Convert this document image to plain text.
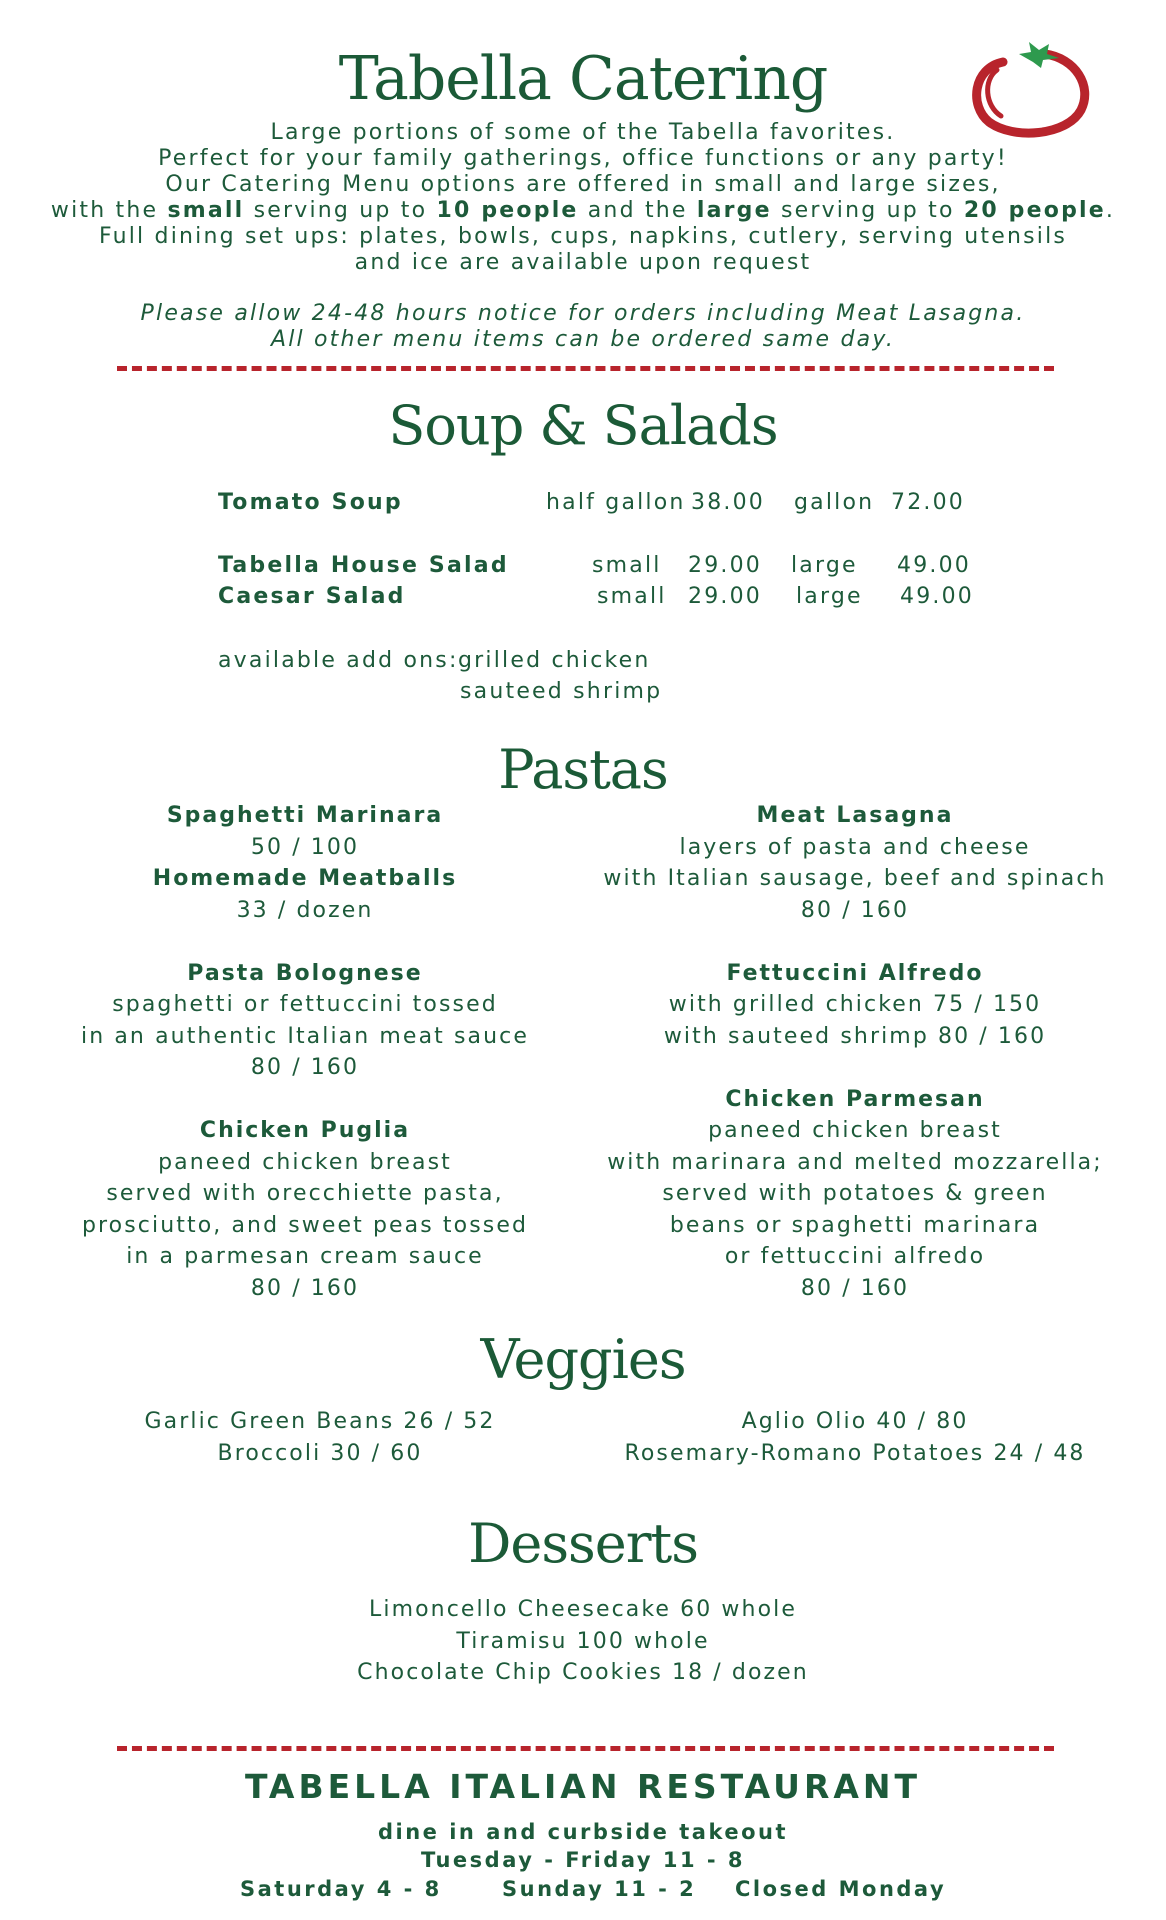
Tabella Catering
Large portions of some of the Tabella favorites.
Perfect for your family gatherings, office functions or any party!
Our Catering Menu options are offered in small and large sizes,
with the small serving up to 10 people and the large serving up to 20 people.
Full dining set ups: plates, bowls, cups, napkins, cutlery, serving utensils
and ice are available upon request
Please allow 24-48 hours notice for orders including Meat Lasagna.
All other menu items can be ordered same day.
Soup & Salads
Tomato Soup	half gallon 38.00 gallon 72.00
Tabella House Salad	small 29.00 large 49.00
Caesar Salad	small 29.00 large 49.00
available add ons: grilled chicken
sauteed shrimp
Pastas
Spaghetti Marinara
50 / 100
Homemade Meatballs
33 / dozen
Pasta Bolognese
spaghetti or fettuccini tossed
in an authentic Italian meat sauce
80 / 160
Chicken Puglia
paneed chicken breast
served with orecchiette pasta,
prosciutto, and sweet peas tossed
in a parmesan cream sauce
80 / 160
Meat Lasagna
layers of pasta and cheese
with Italian sausage, beef and spinach
80 / 160
Fettuccini Alfredo
with grilled chicken 75 / 150
with sauteed shrimp 80 / 160
Chicken Parmesan
paneed chicken breast
with marinara and melted mozzarella;
served with potatoes & green
beans or spaghetti marinara
or fettuccini alfredo
80 / 160
Veggies
Garlic Green Beans 26 / 52
Broccoli 30 / 60
Aglio Olio 40 / 80
Rosemary-Romano Potatoes 24 / 48
Desserts
Limoncello Cheesecake 60 whole
Tiramisu 100 whole
Chocolate Chip Cookies 18 / dozen
TABELLA ITALIAN RESTAURANT
dine in and curbside takeout
Tuesday - Friday 11 - 8
Saturday 4 - 8	Sunday 11 - 2 Closed Monday
